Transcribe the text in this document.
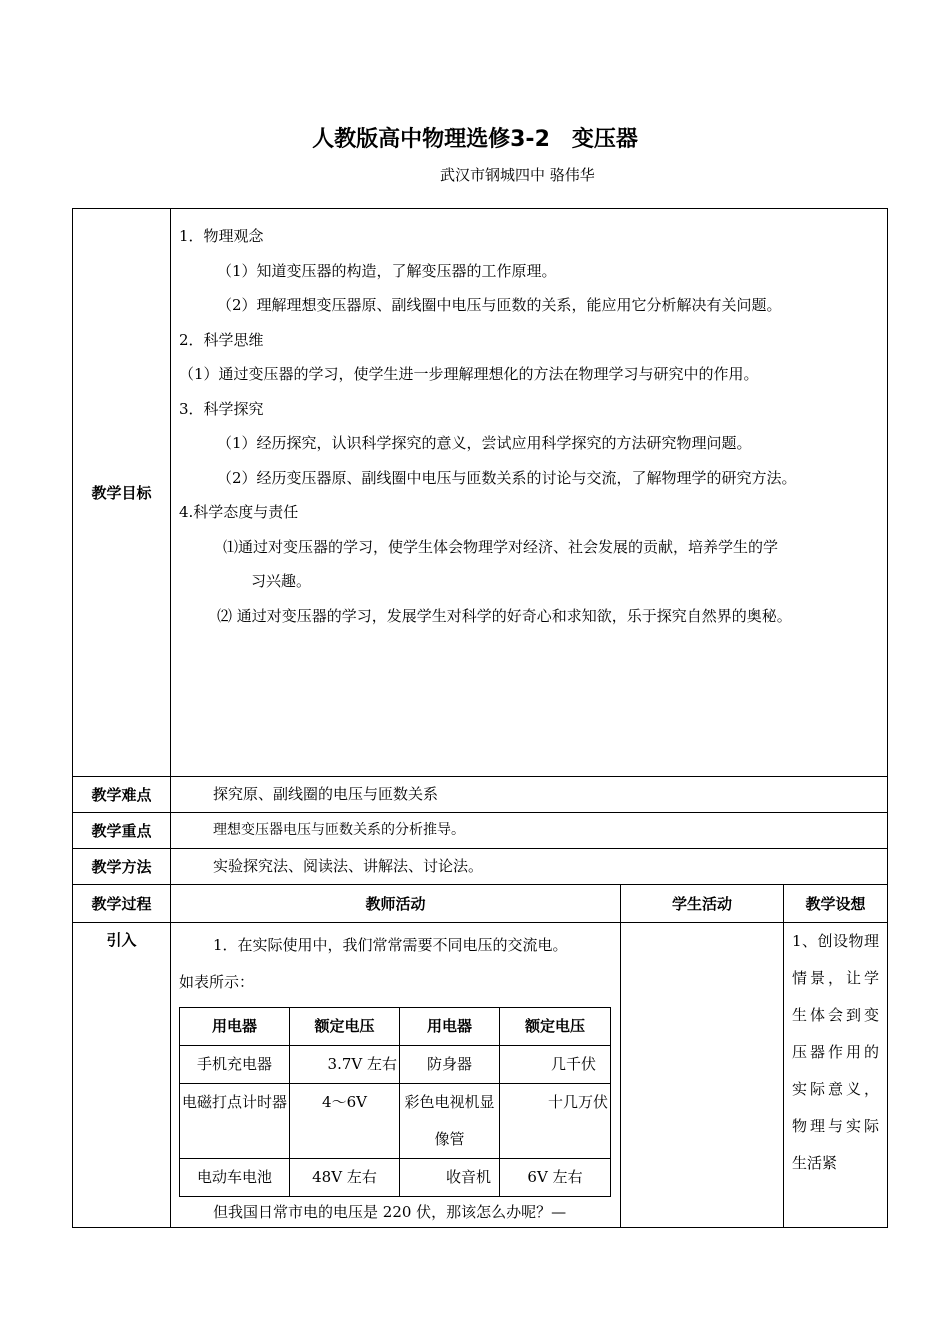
人教版高中物理选修3-2　变压器
武汉市钢城四中 骆伟华
教学目标	

1．物理观念

（1）知道变压器的构造，了解变压器的工作原理。

（2）理解理想变压器原、副线圈中电压与匝数的关系，能应用它分析解决有关问题。

2．科学思维

（1）通过变压器的学习，使学生进一步理解理想化的方法在物理学习与研究中的作用。

3．科学探究

（1）经历探究，认识科学探究的意义，尝试应用科学探究的方法研究物理问题。

（2）经历变压器原、副线圈中电压与匝数关系的讨论与交流，了解物理学的研究方法。

4.科学态度与责任

⑴通过对变压器的学习，使学生体会物理学对经济、社会发展的贡献，培养学生的学

习兴趣。

⑵ 通过对变压器的学习，发展学生对科学的好奇心和求知欲，乐于探究自然界的奥秘。

教学难点	探究原、副线圈的电压与匝数关系
教学重点	理想变压器电压与匝数关系的分析推导。
教学方法	实验探究法、阅读法、讲解法、讨论法。
教学过程	教师活动	学生活动	教学设想
引入	1．在实际使用中，我们常常需要不同电压的交流电。

如表所示：

用电器	额定电压	用电器	额定电压
手机充电器	3.7V 左右	防身器	几千伏
电磁打点计时器	4～6V	彩色电视机显像管	十几万伏
电动车电池	48V 左右	收音机	6V 左右

但我国日常市电的电压是 220 伏，那该怎么办呢？—

		1、创设物理情景，让学生体会到变压器作用的实际意义，物理与实际生活紧
